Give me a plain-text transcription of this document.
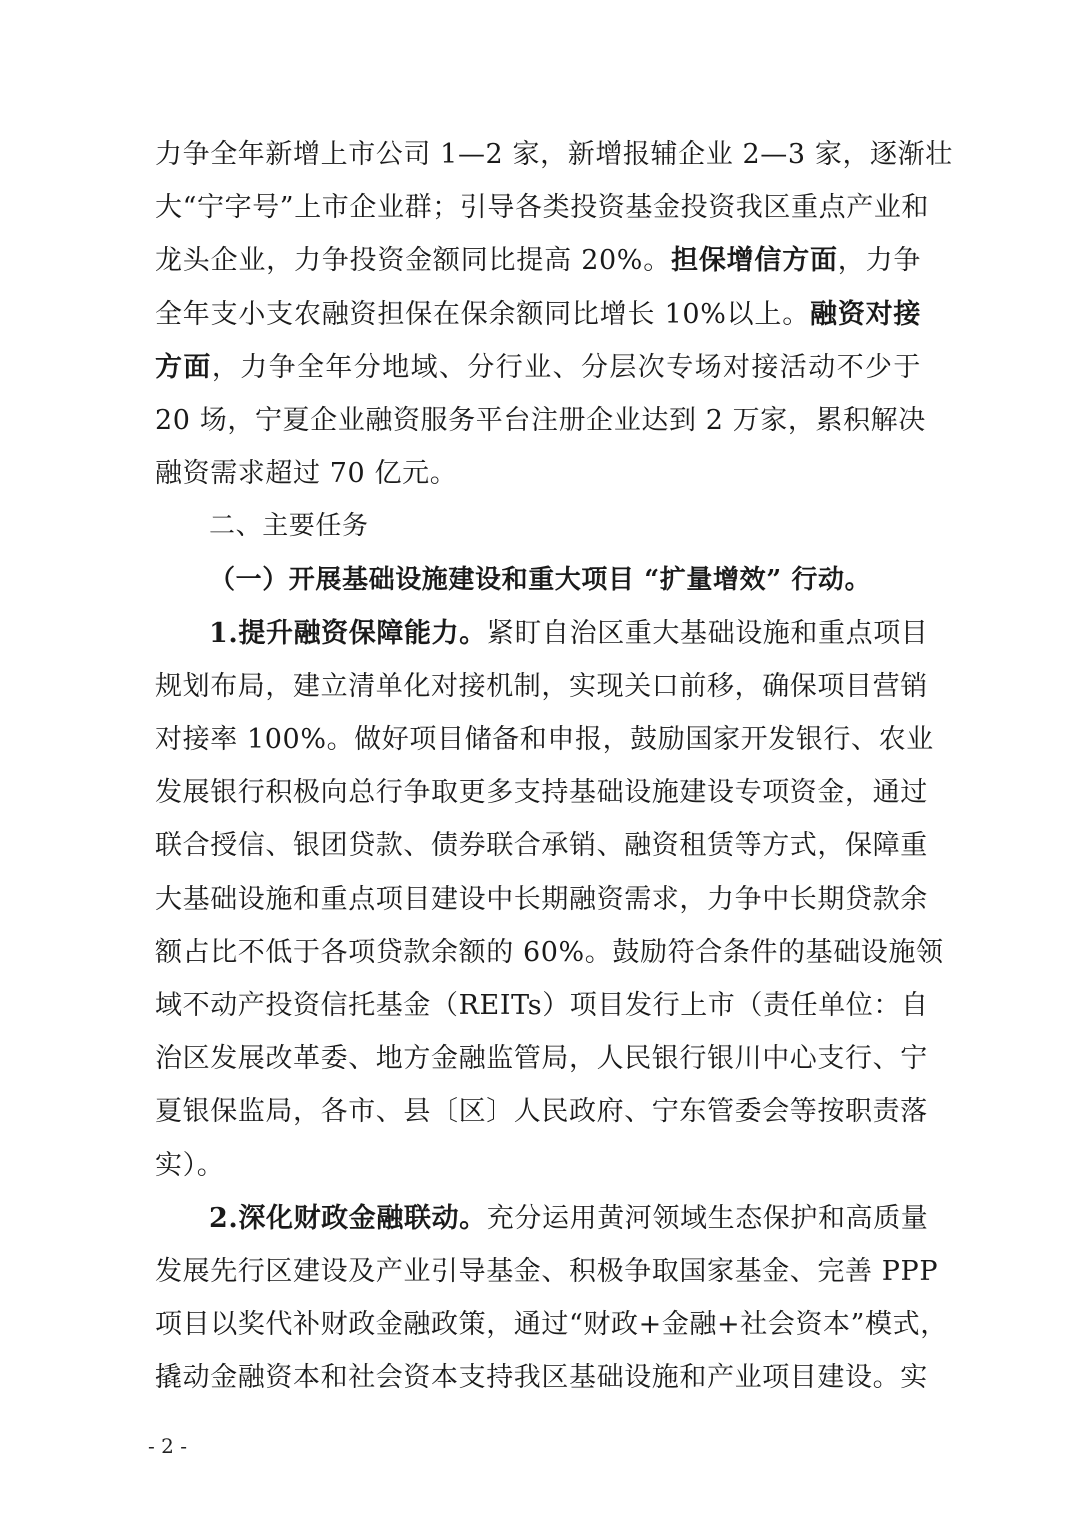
力争全年新增上市公司 1—2 家，新增报辅企业 2—3 家，逐渐壮
大“宁字号”上市企业群；引导各类投资基金投资我区重点产业和
龙头企业，力争投资金额同比提高 20%。担保增信方面，力争
全年支小支农融资担保在保余额同比增长 10%以上。融资对接
方面，力争全年分地域、分行业、分层次专场对接活动不少于
20 场，宁夏企业融资服务平台注册企业达到 2 万家，累积解决
融资需求超过 70 亿元。
二、主要任务
（一）开展基础设施建设和重大项目 “扩量增效” 行动。
1.提升融资保障能力。紧盯自治区重大基础设施和重点项目
规划布局，建立清单化对接机制，实现关口前移，确保项目营销
对接率 100%。做好项目储备和申报，鼓励国家开发银行、农业
发展银行积极向总行争取更多支持基础设施建设专项资金，通过
联合授信、银团贷款、债券联合承销、融资租赁等方式，保障重
大基础设施和重点项目建设中长期融资需求，力争中长期贷款余
额占比不低于各项贷款余额的 60%。鼓励符合条件的基础设施领
域不动产投资信托基金（REITs）项目发行上市（责任单位：自
治区发展改革委、地方金融监管局，人民银行银川中心支行、宁
夏银保监局，各市、县〔区〕人民政府、宁东管委会等按职责落
实）。
2.深化财政金融联动。充分运用黄河领域生态保护和高质量
发展先行区建设及产业引导基金、积极争取国家基金、完善 PPP
项目以奖代补财政金融政策，通过“财政+金融+社会资本”模式，
撬动金融资本和社会资本支持我区基础设施和产业项目建设。实
- 2 -
